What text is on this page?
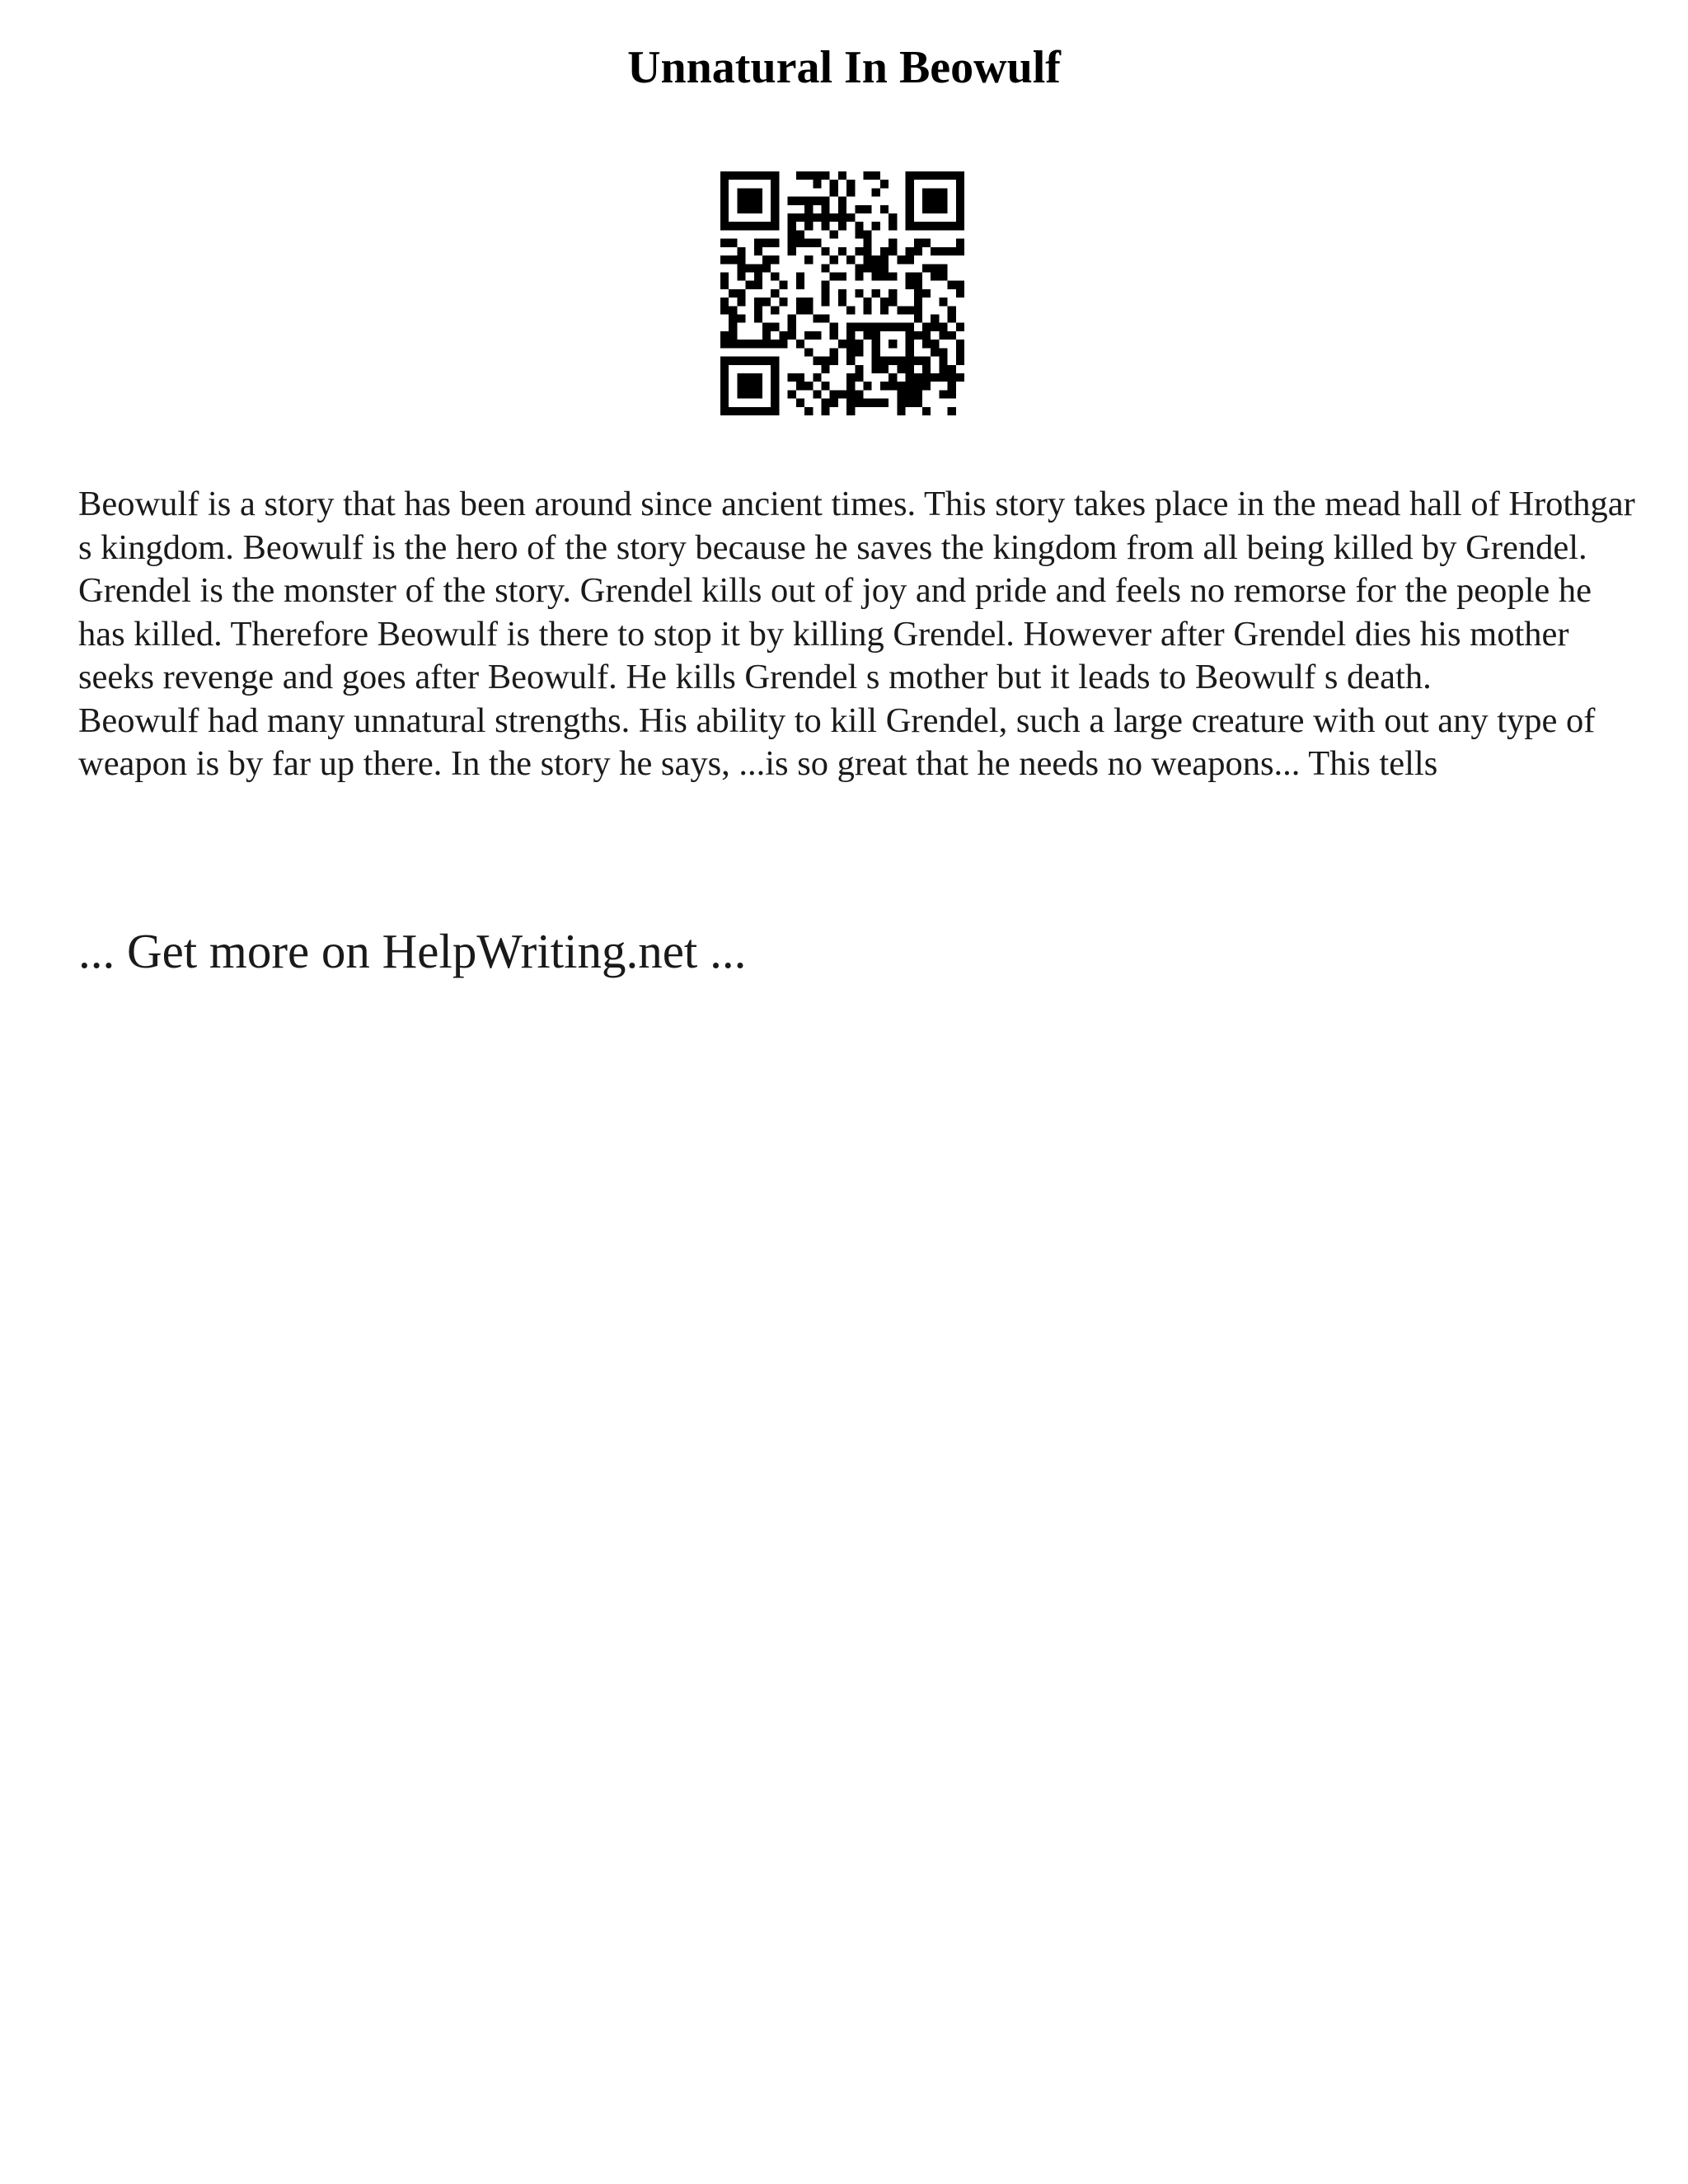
Unnatural In Beowulf

Beowulf is a story that has been around since ancient times. This story takes place in the mead hall of Hrothgar s kingdom. Beowulf is the hero of the story because he saves the kingdom from all being killed by Grendel. Grendel is the monster of the story. Grendel kills out of joy and pride and feels no remorse for the people he has killed. Therefore Beowulf is there to stop it by killing Grendel. However after Grendel dies his mother seeks revenge and goes after Beowulf. He kills Grendel s mother but it leads to Beowulf s death.

Beowulf had many unnatural strengths. His ability to kill Grendel, such a large creature with out any type of weapon is by far up there. In the story he says, ...is so great that he needs no weapons... This tells

... Get more on HelpWriting.net ...
